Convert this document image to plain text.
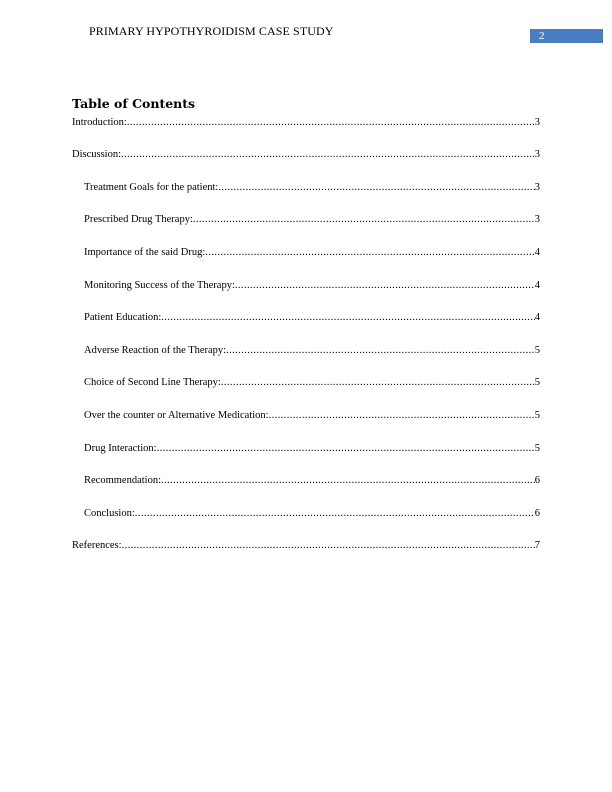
PRIMARY HYPOTHYROIDISM CASE STUDY	2
Table of Contents
Introduction: .....	3
Discussion: .....	3
Treatment Goals for the patient: .....	3
Prescribed Drug Therapy: .....	3
Importance of the said Drug: .....	4
Monitoring Success of the Therapy: .....	4
Patient Education: .....	4
Adverse Reaction of the Therapy: .....	5
Choice of Second Line Therapy: .....	5
Over the counter or Alternative Medication: .....	5
Drug Interaction: .....	5
Recommendation: .....	6
Conclusion: .....	6
References: .....	7
